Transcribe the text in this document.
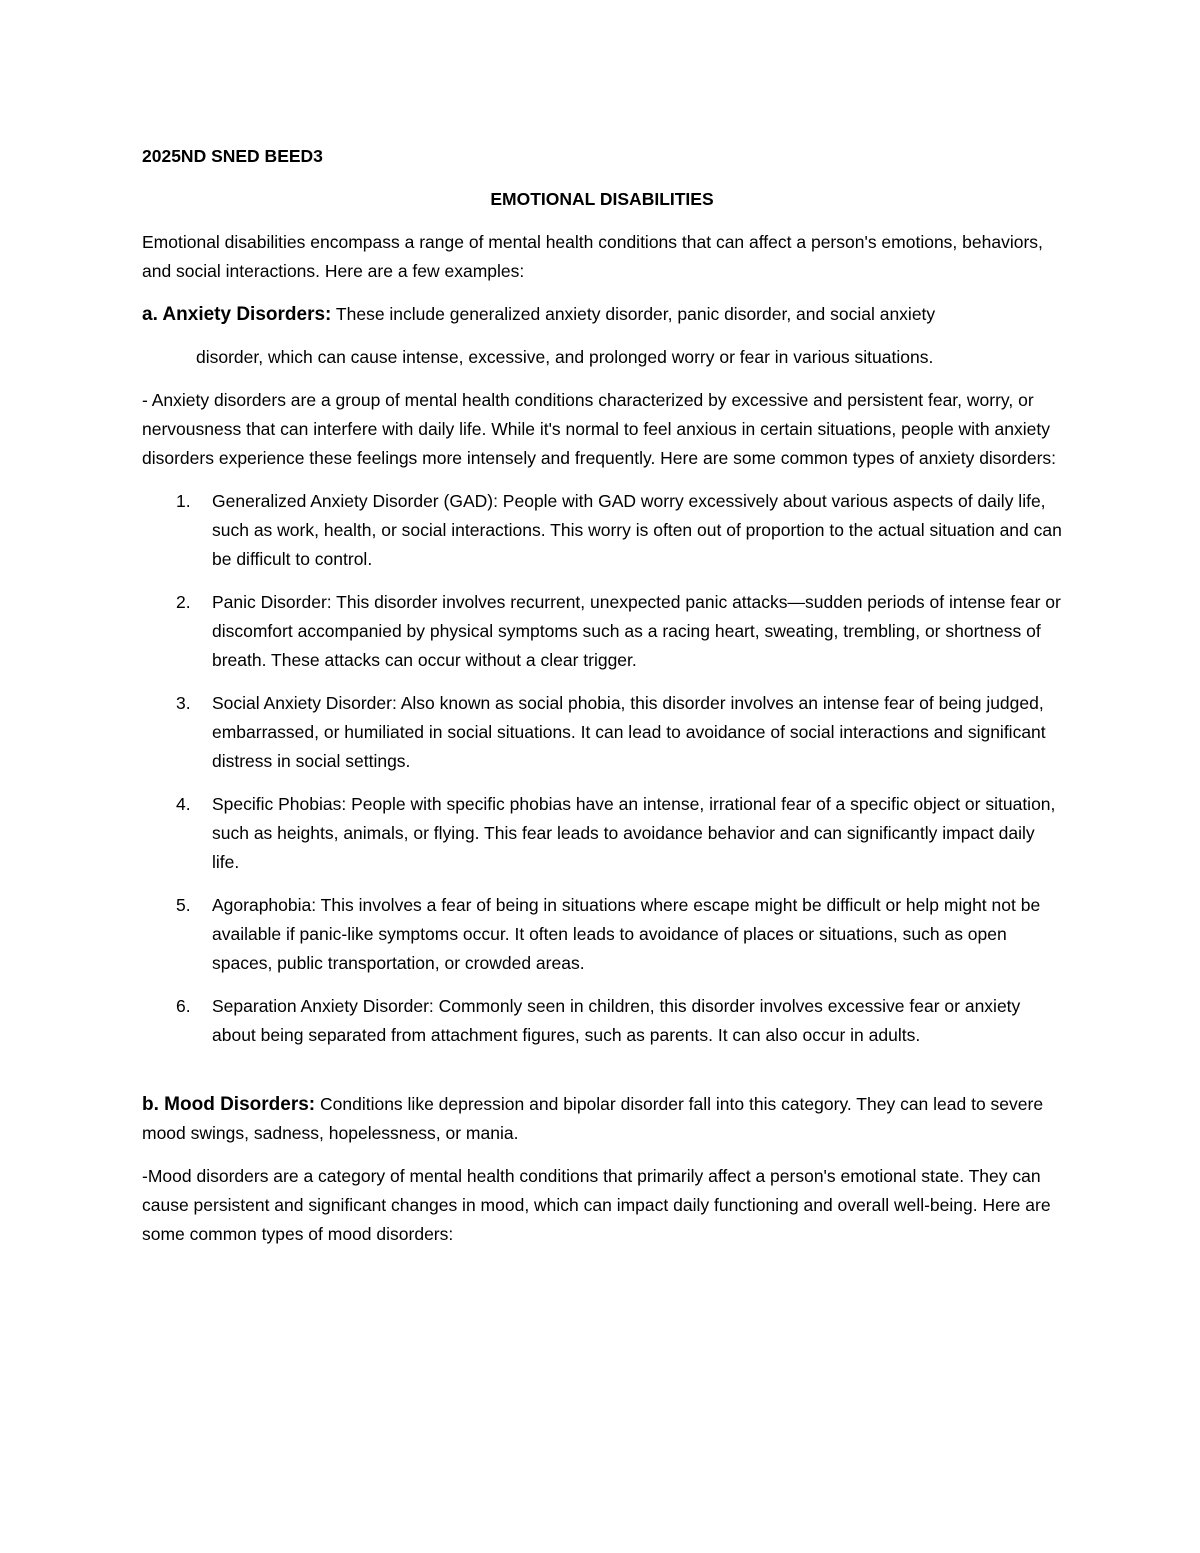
2025ND SNED BEED3

EMOTIONAL DISABILITIES

Emotional disabilities encompass a range of mental health conditions that can affect a person's emotions, behaviors, and social interactions. Here are a few examples:

a. Anxiety Disorders: These include generalized anxiety disorder, panic disorder, and social anxiety

disorder, which can cause intense, excessive, and prolonged worry or fear in various situations.

- Anxiety disorders are a group of mental health conditions characterized by excessive and persistent fear, worry, or nervousness that can interfere with daily life. While it's normal to feel anxious in certain situations, people with anxiety disorders experience these feelings more intensely and frequently. Here are some common types of anxiety disorders:

1. Generalized Anxiety Disorder (GAD): People with GAD worry excessively about various aspects of daily life, such as work, health, or social interactions. This worry is often out of proportion to the actual situation and can be difficult to control.
2. Panic Disorder: This disorder involves recurrent, unexpected panic attacks—sudden periods of intense fear or discomfort accompanied by physical symptoms such as a racing heart, sweating, trembling, or shortness of breath. These attacks can occur without a clear trigger.
3. Social Anxiety Disorder: Also known as social phobia, this disorder involves an intense fear of being judged, embarrassed, or humiliated in social situations. It can lead to avoidance of social interactions and significant distress in social settings.
4. Specific Phobias: People with specific phobias have an intense, irrational fear of a specific object or situation, such as heights, animals, or flying. This fear leads to avoidance behavior and can significantly impact daily life.
5. Agoraphobia: This involves a fear of being in situations where escape might be difficult or help might not be available if panic-like symptoms occur. It often leads to avoidance of places or situations, such as open spaces, public transportation, or crowded areas.
6. Separation Anxiety Disorder: Commonly seen in children, this disorder involves excessive fear or anxiety about being separated from attachment figures, such as parents. It can also occur in adults.

b. Mood Disorders: Conditions like depression and bipolar disorder fall into this category. They can lead to severe mood swings, sadness, hopelessness, or mania.

-Mood disorders are a category of mental health conditions that primarily affect a person's emotional state. They can cause persistent and significant changes in mood, which can impact daily functioning and overall well-being. Here are some common types of mood disorders:
